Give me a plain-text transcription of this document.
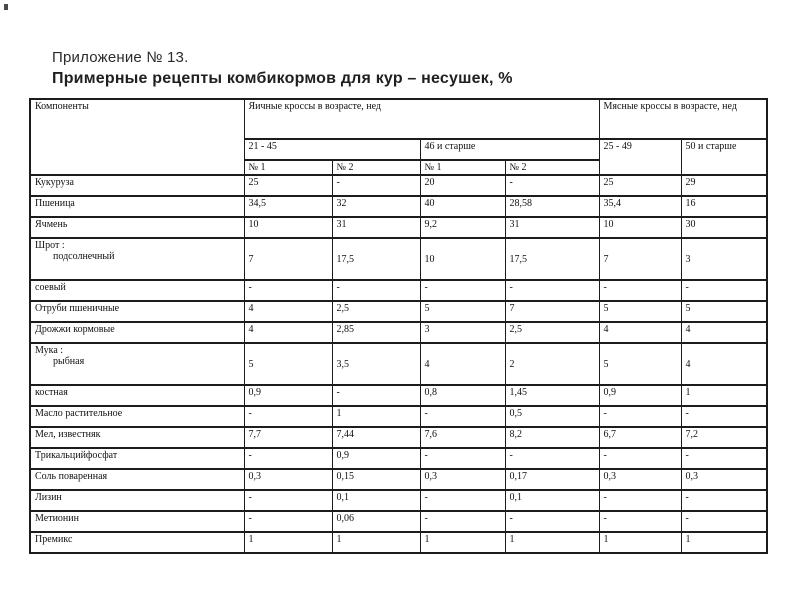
Приложение № 13.

Примерные рецепты комбикормов для кур – несушек, %

Компоненты	Яичные кроссы в возрасте, нед				Мясные кроссы в возрасте, нед	
	21 - 45		46 и старше		25 - 49	50 и старше
	№ 1	№ 2	№ 1	№ 2		
Кукуруза	25	-	20	-	25	29
Пшеница	34,5	32	40	28,58	35,4	16
Ячмень	10	31	9,2	31	10	30

Шрот :
подсолнечный	7	17,5	10	17,5	7	3
соевый	-	-	-	-	-	-
Отруби пшеничные	4	2,5	5	7	5	5
Дрожжи кормовые	4	2,85	3	2,5	4	4

Мука :
рыбная	5	3,5	4	2	5	4
костная	0,9	-	0,8	1,45	0,9	1
Масло растительное	-	1	-	0,5	-	-
Мел, известняк	7,7	7,44	7,6	8,2	6,7	7,2
Трикальцийфосфат	-	0,9	-	-	-	-
Соль поваренная	0,3	0,15	0,3	0,17	0,3	0,3
Лизин	-	0,1	-	0,1	-	-
Метионин	-	0,06	-	-	-	-
Премикс	1	1	1	1	1	1
